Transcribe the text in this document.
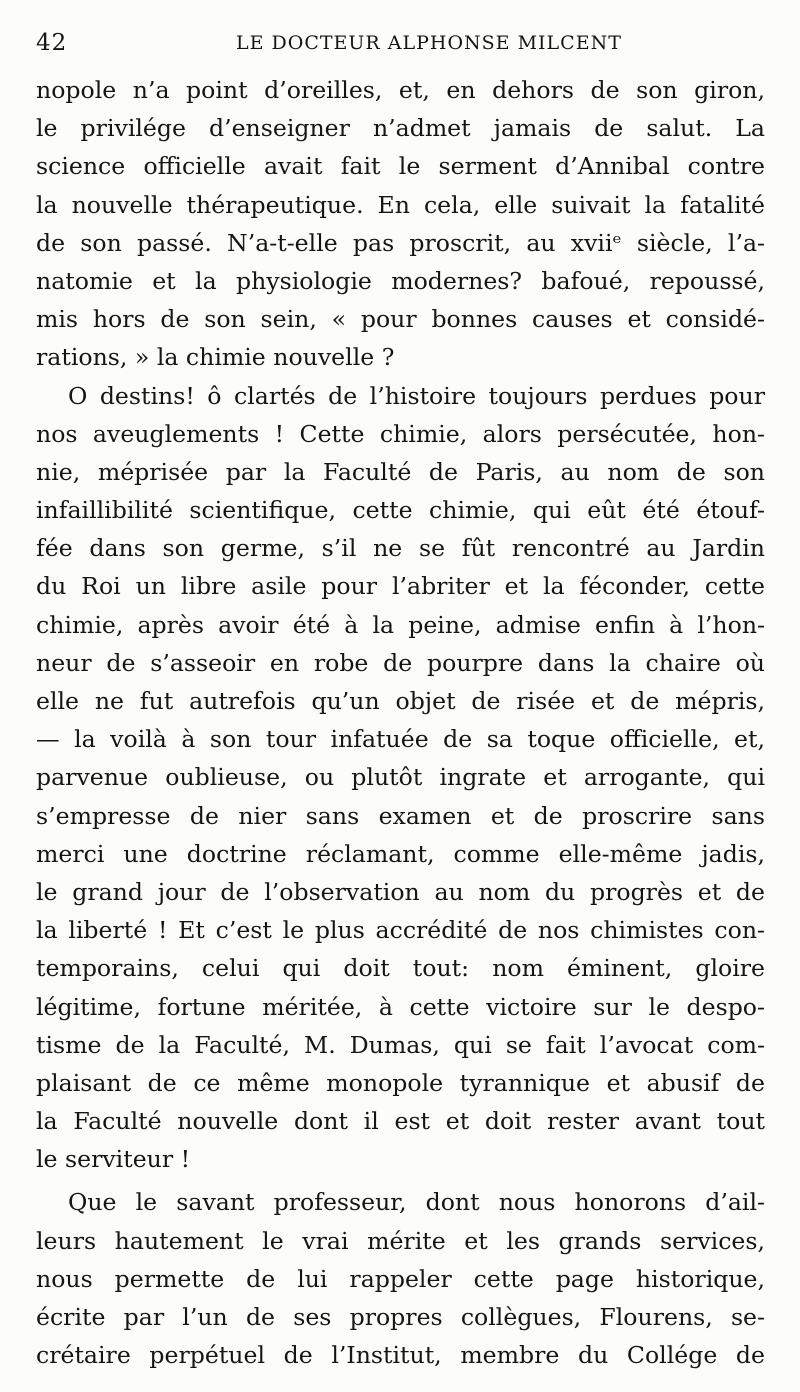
42	LE DOCTEUR ALPHONSE MILCENT
nopole n’a point d’oreilles, et, en dehors de son giron,
le privilége d’enseigner n’admet jamais de salut. La
science officielle avait fait le serment d’Annibal contre
la nouvelle thérapeutique. En cela, elle suivait la fatalité
de son passé. N’a-t-elle pas proscrit, au xviiᵉ siècle, l’a-
natomie et la physiologie modernes? bafoué, repoussé,
mis hors de son sein, « pour bonnes causes et considé-
rations, » la chimie nouvelle ?
O destins! ô clartés de l’histoire toujours perdues pour
nos aveuglements ! Cette chimie, alors persécutée, hon-
nie, méprisée par la Faculté de Paris, au nom de son
infaillibilité scientifique, cette chimie, qui eût été étouf-
fée dans son germe, s’il ne se fût rencontré au Jardin
du Roi un libre asile pour l’abriter et la féconder, cette
chimie, après avoir été à la peine, admise enfin à l’hon-
neur de s’asseoir en robe de pourpre dans la chaire où
elle ne fut autrefois qu’un objet de risée et de mépris,
— la voilà à son tour infatuée de sa toque officielle, et,
parvenue oublieuse, ou plutôt ingrate et arrogante, qui
s’empresse de nier sans examen et de proscrire sans
merci une doctrine réclamant, comme elle-même jadis,
le grand jour de l’observation au nom du progrès et de
la liberté ! Et c’est le plus accrédité de nos chimistes con-
temporains, celui qui doit tout: nom éminent, gloire
légitime, fortune méritée, à cette victoire sur le despo-
tisme de la Faculté, M. Dumas, qui se fait l’avocat com-
plaisant de ce même monopole tyrannique et abusif de
la Faculté nouvelle dont il est et doit rester avant tout
le serviteur !
Que le savant professeur, dont nous honorons d’ail-
leurs hautement le vrai mérite et les grands services,
nous permette de lui rappeler cette page historique,
écrite par l’un de ses propres collègues, Flourens, se-
crétaire perpétuel de l’Institut, membre du Collége de
